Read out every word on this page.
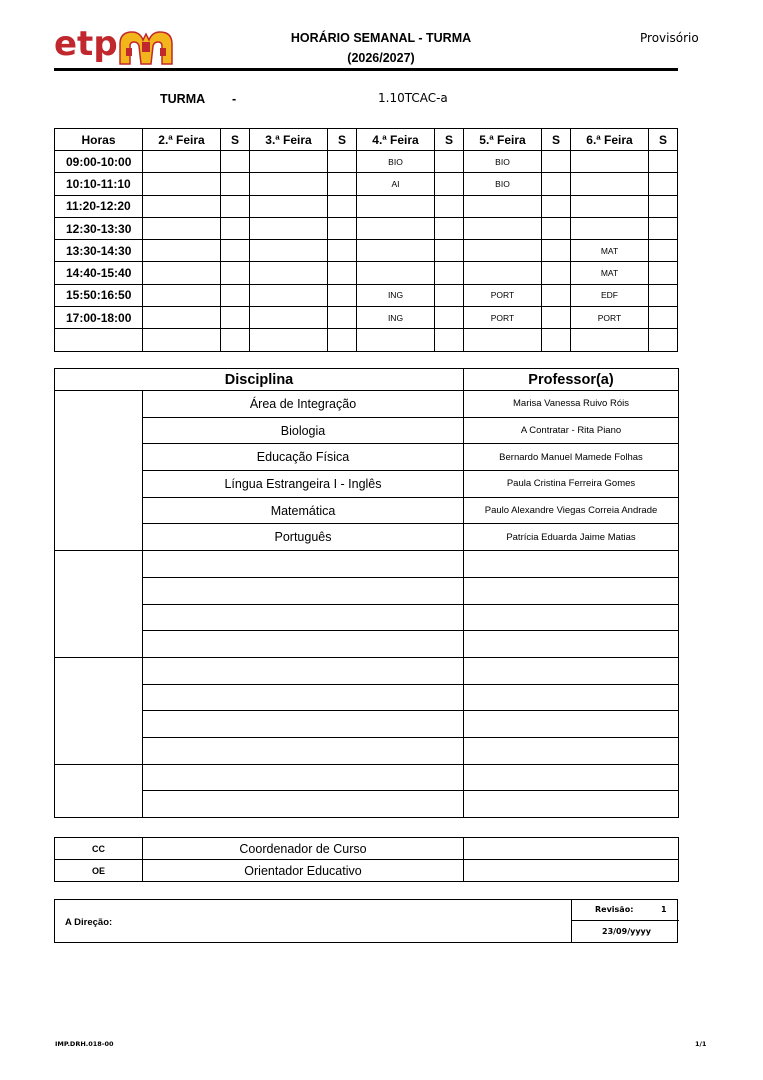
etp	HORÁRIO SEMANAL - TURMA
(2026/2027)
Provisório
TURMA -	1.10TCAC-a
Horas	2.ª Feira	S	3.ª Feira	S	4.ª Feira	S	5.ª Feira	S	6.ª Feira	S
09:00-10:00					BIO		BIO			
10:10-11:10					AI		BIO			
11:20-12:20										
12:30-13:30										
13:30-14:30									MAT	
14:40-15:40									MAT	
15:50:16:50					ING		PORT		EDF	
17:00-18:00					ING		PORT		PORT	

Disciplina		Professor(a)
	Área de Integração	Marisa Vanessa Ruivo Róis
	Biologia	A Contratar - Rita Piano
	Educação Física	Bernardo Manuel Mamede Folhas
	Língua Estrangeira I - Inglês	Paula Cristina Ferreira Gomes
	Matemática	Paulo Alexandre Viegas Correia Andrade
	Português	Patrícia Eduarda Jaime Matias

CC	Coordenador de Curso	
OE	Orientador Educativo	
A Direção:
Revisão:	1
23/09/yyyy
IMP.DRH.018-00	1/1
